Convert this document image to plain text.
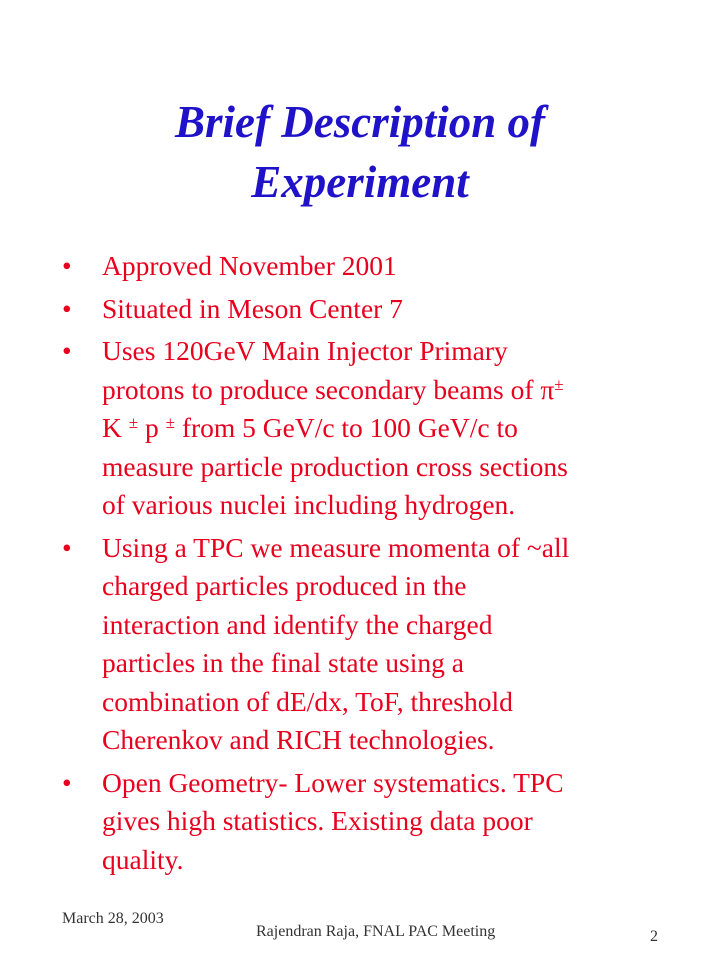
Brief Description of
Experiment
•	Approved November 2001
•	Situated in Meson Center 7
•	Uses 120GeV Main Injector Primary
protons to produce secondary beams of π±
K ± p ± from 5 GeV/c to 100 GeV/c to
measure particle production cross sections
of various nuclei including hydrogen.
•	Using a TPC we measure momenta of ~all
charged particles produced in the
interaction and identify the charged
particles in the final state using a
combination of dE/dx, ToF, threshold
Cherenkov and RICH technologies.
•	Open Geometry- Lower systematics. TPC
gives high statistics. Existing data poor
quality.
March 28, 2003
Rajendran Raja, FNAL PAC Meeting	2
